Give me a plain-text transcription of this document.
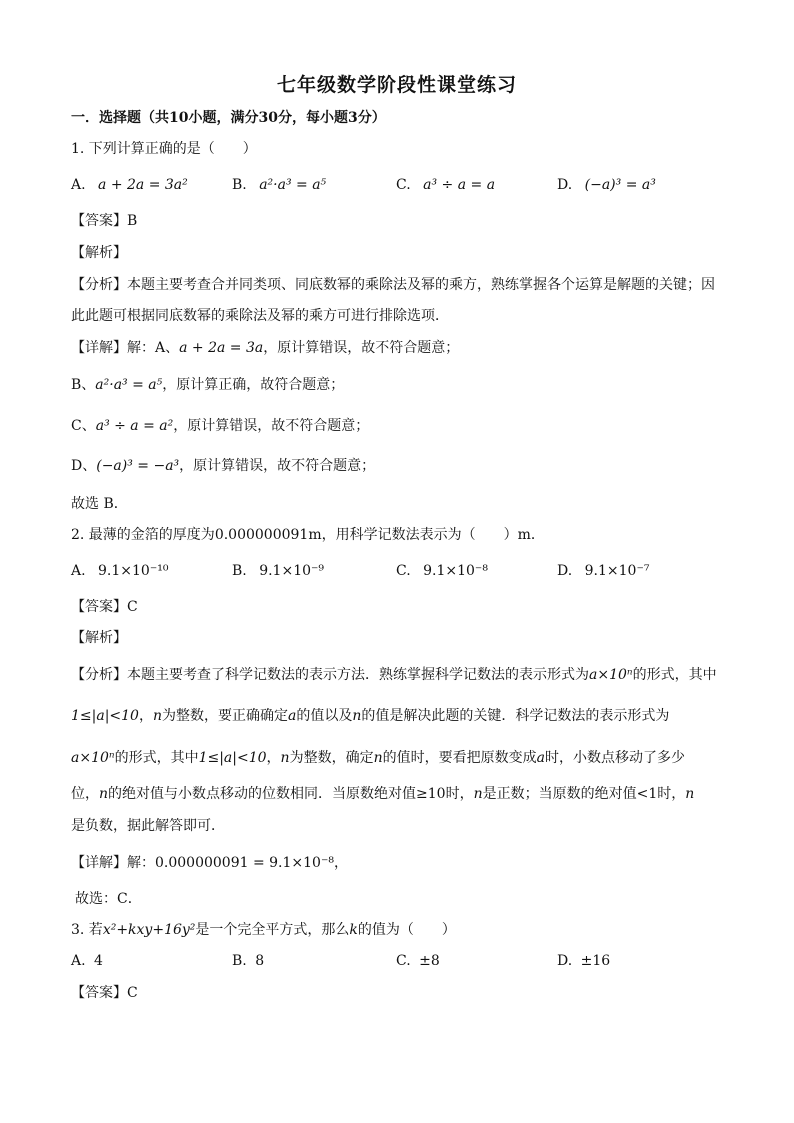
七年级数学阶段性课堂练习
一．选择题（共10小题，满分30分，每小题3分）
1. 下列计算正确的是（　　）
A. a + 2a = 3a²	B. a²·a³ = a⁵	C. a³ ÷ a = a	D. (−a)³ = a³
【答案】B
【解析】
【分析】本题主要考查合并同类项、同底数幂的乘除法及幂的乘方，熟练掌握各个运算是解题的关键；因
此此题可根据同底数幂的乘除法及幂的乘方可进行排除选项．
【详解】解：A、a + 2a = 3a，原计算错误，故不符合题意；
B、a²·a³ = a⁵，原计算正确，故符合题意；
C、a³ ÷ a = a²，原计算错误，故不符合题意；
D、(−a)³ = −a³，原计算错误，故不符合题意；
故选 B．
2. 最薄的金箔的厚度为0.000000091m，用科学记数法表示为（　　）m．
A. 9.1×10⁻¹⁰	B. 9.1×10⁻⁹	C. 9.1×10⁻⁸	D. 9.1×10⁻⁷
【答案】C
【解析】
【分析】本题主要考查了科学记数法的表示方法．熟练掌握科学记数法的表示形式为a×10ⁿ的形式，其中
1≤|a|<10，n为整数，要正确确定a的值以及n的值是解决此题的关键．科学记数法的表示形式为
a×10ⁿ的形式，其中1≤|a|<10，n为整数，确定n的值时，要看把原数变成a时，小数点移动了多少
位，n的绝对值与小数点移动的位数相同．当原数绝对值≥10时，n是正数；当原数的绝对值<1时，n
是负数，据此解答即可．
【详解】解：0.000000091 = 9.1×10⁻⁸，
故选：C．
3. 若x²+kxy+16y²是一个完全平方式，那么k的值为（　　）
A. 4	B. 8	C. ±8	D. ±16
【答案】C
